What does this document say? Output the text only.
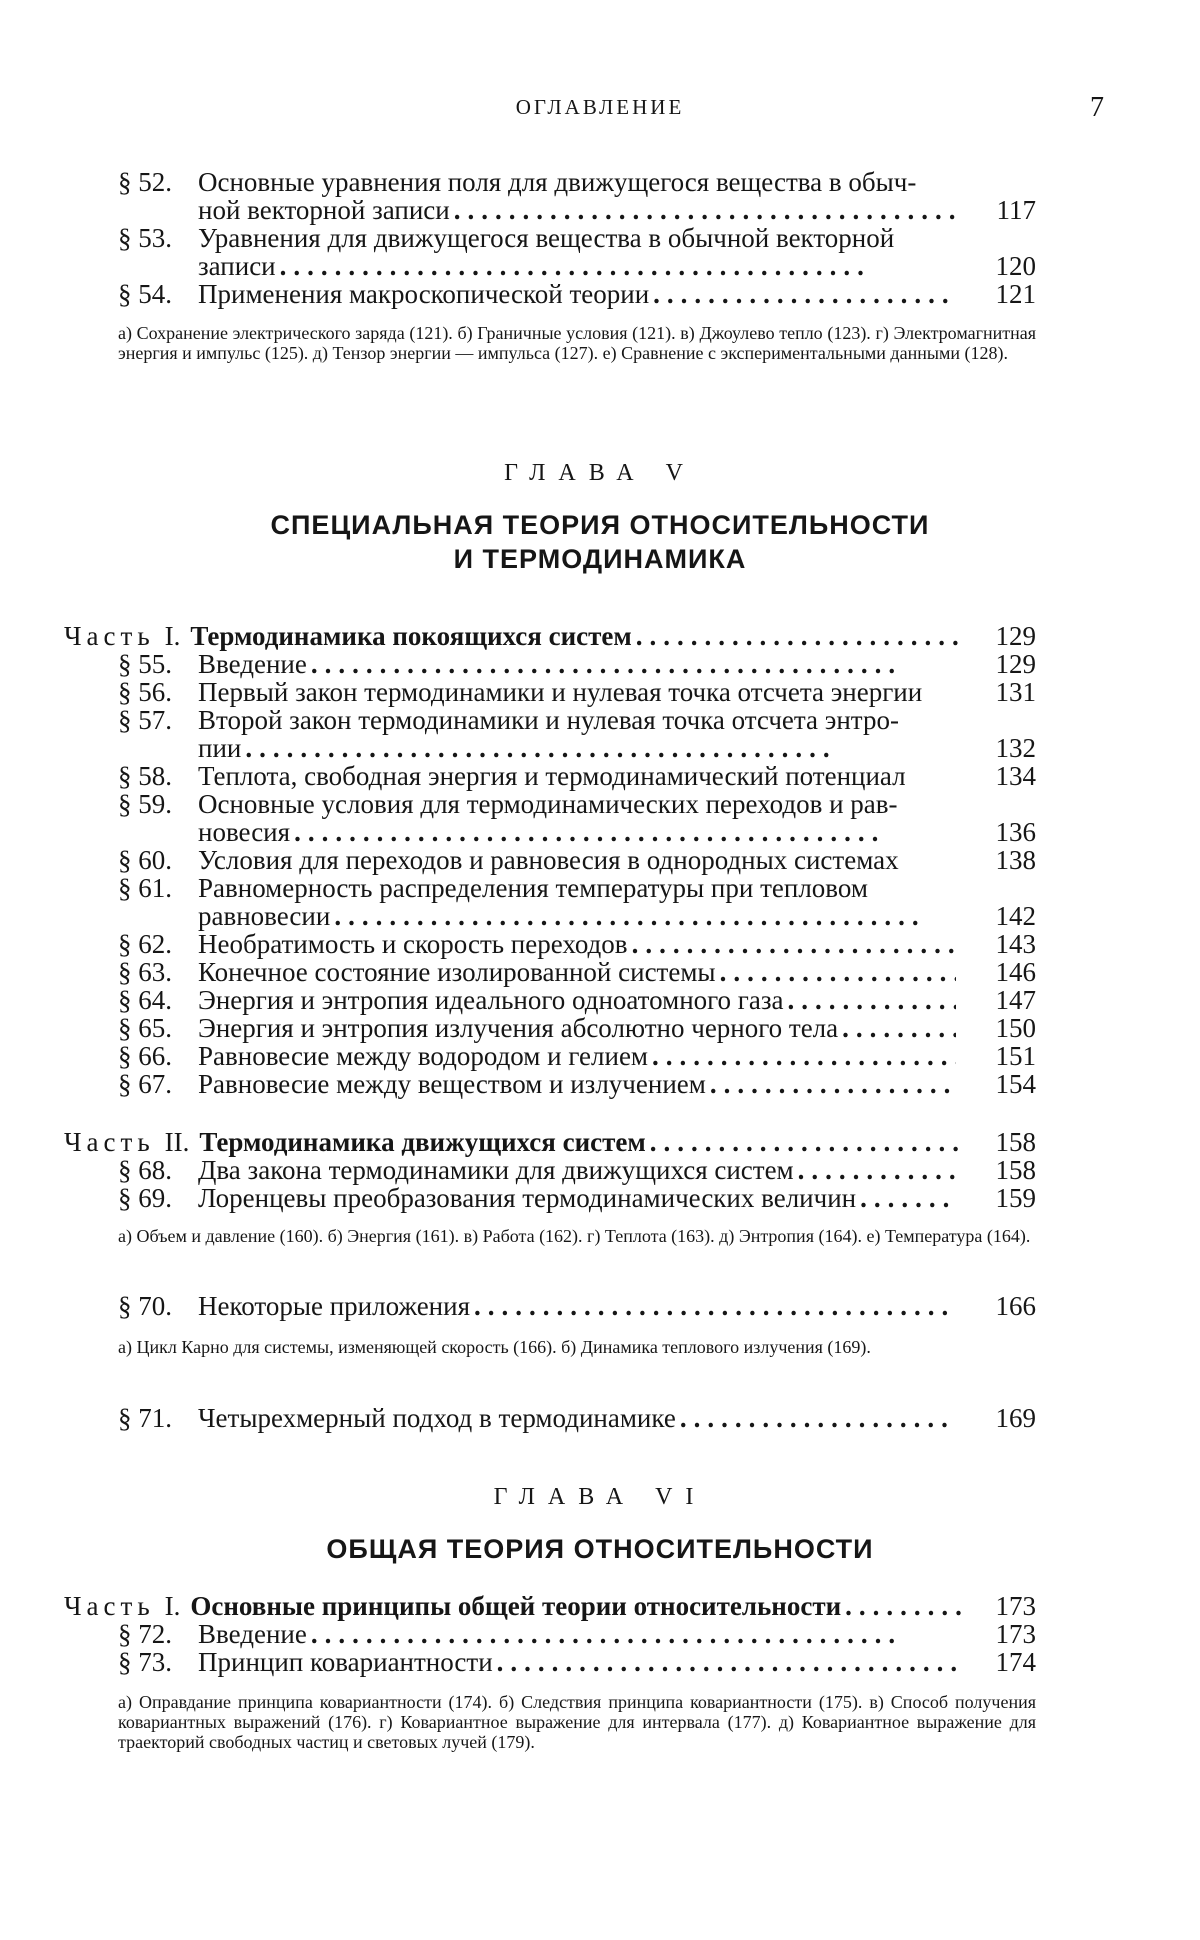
ОГЛАВЛЕНИЕ	7
§ 52. Основные уравнения поля для движущегося вещества в обыч-
ной векторной записи .....................................	117
§ 53. Уравнения для движущегося вещества в обычной векторной
записи ...........................................	120
§ 54. Применения макроскопической теории ......................	121
а) Сохранение электрического заряда (121). б) Граничные условия (121). в) Джоулево тепло (123). г) Электромагнитная энергия и импульс (125). д) Тензор энергии — импульса (127). е) Сравнение с экспериментальными данными (128).
ГЛАВА V
СПЕЦИАЛЬНАЯ ТЕОРИЯ ОТНОСИТЕЛЬНОСТИ
И ТЕРМОДИНАМИКА
Часть I. Термодинамика покоящихся систем .......................	129
§ 55. Введение ...........................................	129
§ 56. Первый закон термодинамики и нулевая точка отсчета энергии	131
§ 57. Второй закон термодинамики и нулевая точка отсчета энтро-
пии ...........................................	132
§ 58. Теплота, свободная энергия и термодинамический потенциал	134
§ 59. Основные условия для термодинамических переходов и рав-
новесия ...........................................	136
§ 60. Условия для переходов и равновесия в однородных системах	138
§ 61. Равномерность распределения температуры при тепловом
равновесии ...........................................	142
§ 62. Необратимость и скорость переходов .......................	143
§ 63. Конечное состояние изолированной системы .................	146
§ 64. Энергия и энтропия идеального одноатомного газа ............	147
§ 65. Энергия и энтропия излучения абсолютно черного тела ........	150
§ 66. Равновесие между водородом и гелием ......................	151
§ 67. Равновесие между веществом и излучением ..................	154
Часть II. Термодинамика движущихся систем .......................	158
§ 68. Два закона термодинамики для движущихся систем ...........	158
§ 69. Лоренцевы преобразования термодинамических величин .......	159
а) Объем и давление (160). б) Энергия (161). в) Работа (162). г) Теплота (163). д) Энтропия (164). е) Температура (164).
§ 70. Некоторые приложения ...................................	166
а) Цикл Карно для системы, изменяющей скорость (166). б) Динамика теплового излучения (169).
§ 71. Четырехмерный подход в термодинамике ..................... 169
ГЛАВА VI
ОБЩАЯ ТЕОРИЯ ОТНОСИТЕЛЬНОСТИ
Часть I. Основные принципы общей теории относительности ........	173
§ 72. Введение ...........................................	173
§ 73. Принцип ковариантности .................................	174
а) Оправдание принципа ковариантности (174). б) Следствия принципа ковариантности (175). в) Способ получения ковариантных выражений (176). г) Ковариантное выражение для интервала (177). д) Ковариантное выражение для траекторий свободных частиц и световых лучей (179).
